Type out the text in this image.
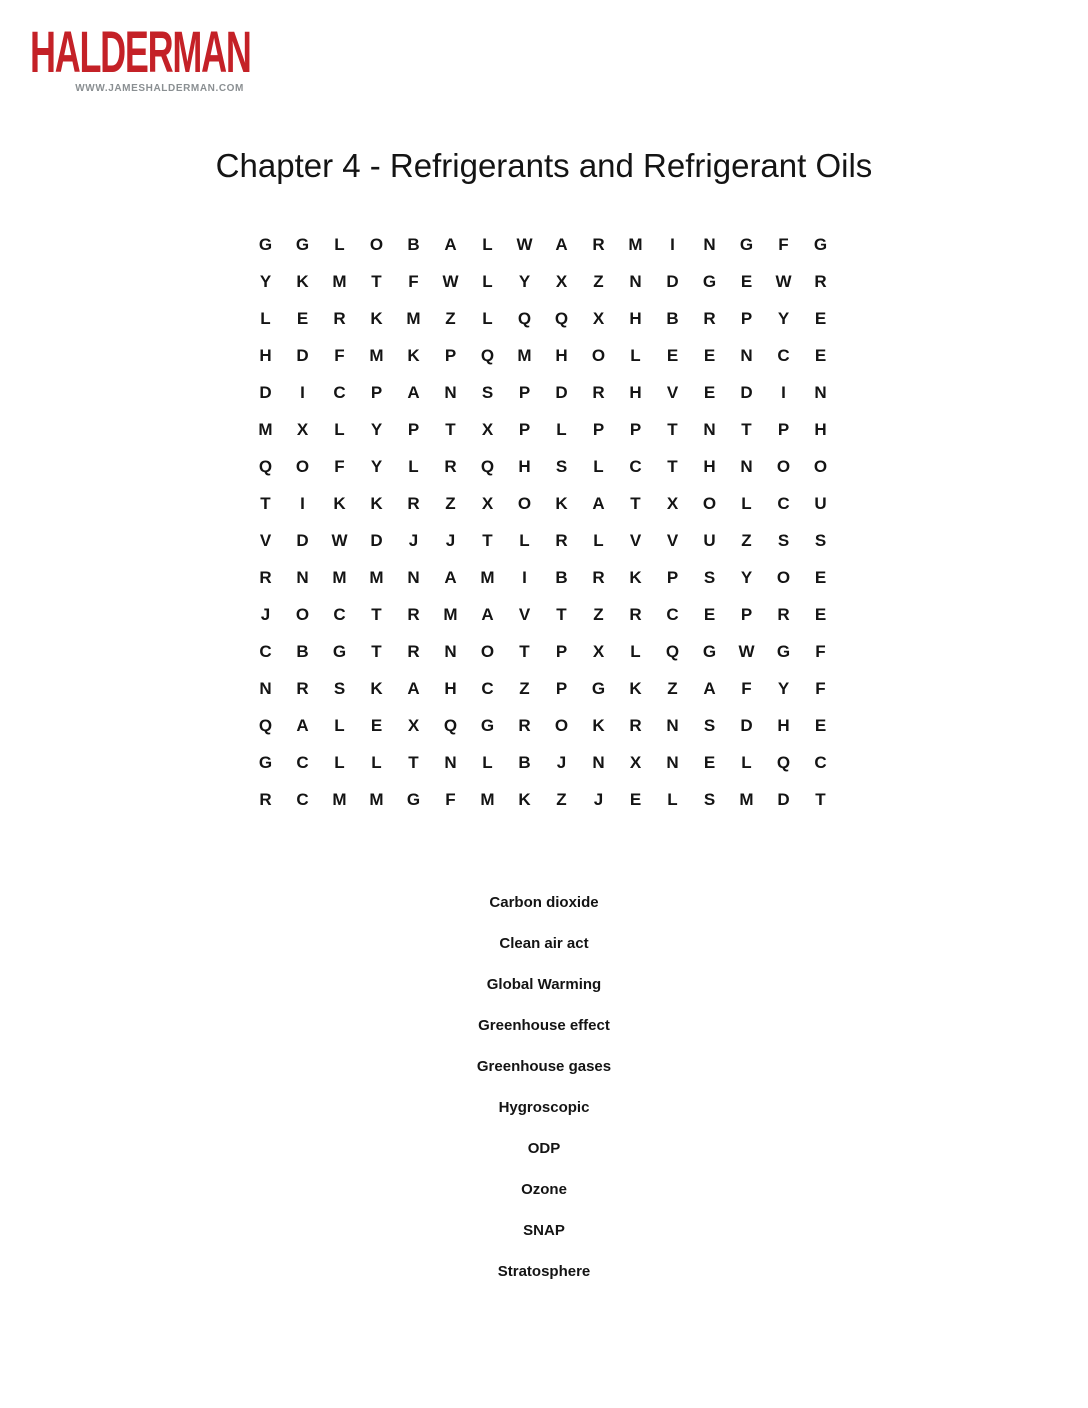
HALDERMAN
WWW.JAMESHALDERMAN.COM
Chapter 4 - Refrigerants and Refrigerant Oils
G	G	L	O	B	A	L	W	A	R	M	I	N	G	F	G
Y	K	M	T	F	W	L	Y	X	Z	N	D	G	E	W	R
L	E	R	K	M	Z	L	Q	Q	X	H	B	R	P	Y	E
H	D	F	M	K	P	Q	M	H	O	L	E	E	N	C	E
D	I	C	P	A	N	S	P	D	R	H	V	E	D	I	N
M	X	L	Y	P	T	X	P	L	P	P	T	N	T	P	H
Q	O	F	Y	L	R	Q	H	S	L	C	T	H	N	O	O
T	I	K	K	R	Z	X	O	K	A	T	X	O	L	C	U
V	D	W	D	J	J	T	L	R	L	V	V	U	Z	S	S
R	N	M	M	N	A	M	I	B	R	K	P	S	Y	O	E
J	O	C	T	R	M	A	V	T	Z	R	C	E	P	R	E
C	B	G	T	R	N	O	T	P	X	L	Q	G	W	G	F
N	R	S	K	A	H	C	Z	P	G	K	Z	A	F	Y	F
Q	A	L	E	X	Q	G	R	O	K	R	N	S	D	H	E
G	C	L	L	T	N	L	B	J	N	X	N	E	L	Q	C
R	C	M	M	G	F	M	K	Z	J	E	L	S	M	D	T
Carbon dioxide
Clean air act
Global Warming
Greenhouse effect
Greenhouse gases
Hygroscopic
ODP
Ozone
SNAP
Stratosphere
